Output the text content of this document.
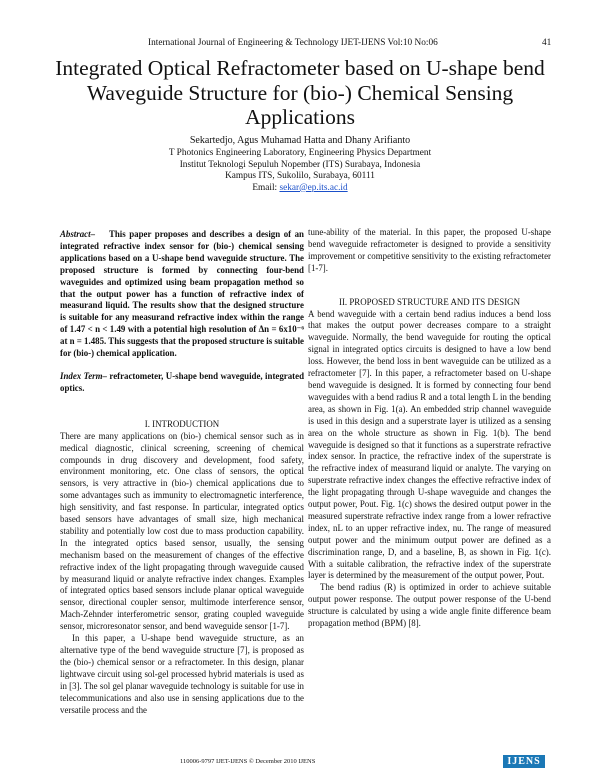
International Journal of Engineering & Technology IJET-IJENS Vol:10 No:06	41
Integrated Optical Refractometer based on U-shape bend Waveguide Structure for (bio-) Chemical Sensing Applications
Sekartedjo, Agus Muhamad Hatta and Dhany Arifianto
T Photonics Engineering Laboratory, Engineering Physics Department
Institut Teknologi Sepuluh Nopember (ITS) Surabaya, Indonesia
Kampus ITS, Sukolilo, Surabaya, 60111
Email: sekar@ep.its.ac.id

Abstract– This paper proposes and describes a design of an integrated refractive index sensor for (bio-) chemical sensing applications based on a U-shape bend waveguide structure. The proposed structure is formed by connecting four-bend waveguides and optimized using beam propagation method so that the output power has a function of refractive index of measurand liquid. The results show that the designed structure is suitable for any measurand refractive index within the range of 1.47 < n < 1.49 with a potential high resolution of Δn = 6x10⁻⁶ at n = 1.485. This suggests that the proposed structure is suitable for (bio-) chemical application.

Index Term– refractometer, U-shape bend waveguide, integrated optics.

I. INTRODUCTION

There are many applications on (bio-) chemical sensor such as in medical diagnostic, clinical screening, screening of chemical compounds in drug discovery and development, food safety, environment monitoring, etc. One class of sensors, the optical sensors, is very attractive in (bio-) chemical applications due to some advantages such as immunity to electromagnetic interference, high sensitivity, and fast response. In particular, integrated optics based sensors have advantages of small size, high mechanical stability and potentially low cost due to mass production capability. In the integrated optics based sensor, usually, the sensing mechanism based on the measurement of changes of the effective refractive index of the light propagating through waveguide caused by measurand liquid or analyte refractive index changes. Examples of integrated optics based sensors include planar optical waveguide sensor, directional coupler sensor, multimode interference sensor, Mach-Zehnder interferometric sensor, grating coupled waveguide sensor, microresonator sensor, and bend waveguide sensor [1-7].

In this paper, a U-shape bend waveguide structure, as an alternative type of the bend waveguide structure [7], is proposed as the (bio-) chemical sensor or a refractometer. In this design, planar lightwave circuit using sol-gel processed hybrid materials is used as in [3]. The sol gel planar waveguide technology is suitable for use in telecommunications and also use in sensing applications due to the versatile process and the

tune-ability of the material. In this paper, the proposed U-shape bend waveguide refractometer is designed to provide a sensitivity improvement or competitive sensitivity to the existing refractometer [1-7].

II. PROPOSED STRUCTURE AND ITS DESIGN

A bend waveguide with a certain bend radius induces a bend loss that makes the output power decreases compare to a straight waveguide. Normally, the bend waveguide for routing the optical signal in integrated optics circuits is designed to have a low bend loss. However, the bend loss in bent waveguide can be utilized as a refractometer [7]. In this paper, a refractometer based on U-shape bend waveguide is designed. It is formed by connecting four bend waveguides with a bend radius R and a total length L in the bending area, as shown in Fig. 1(a). An embedded strip channel waveguide is used in this design and a superstrate layer is utilized as a sensing area on the whole structure as shown in Fig. 1(b). The bend waveguide is designed so that it functions as a superstrate refractive index sensor. In practice, the refractive index of the superstrate is the refractive index of measurand liquid or analyte. The varying on superstrate refractive index changes the effective refractive index of the light propagating through U-shape waveguide and changes the output power, Pout. Fig. 1(c) shows the desired output power in the measured superstrate refractive index range from a lower refractive index, nL to an upper refractive index, nu. The range of measured output power and the minimum output power are defined as a discrimination range, D, and a baseline, B, as shown in Fig. 1(c). With a suitable calibration, the refractive index of the superstrate layer is determined by the measurement of the output power, Pout.

The bend radius (R) is optimized in order to achieve suitable output power response. The output power response of the U-bend structure is calculated by using a wide angle finite difference beam propagation method (BPM) [8].

110006-9797 IJET-IJENS © December 2010 IJENS	IJENS
